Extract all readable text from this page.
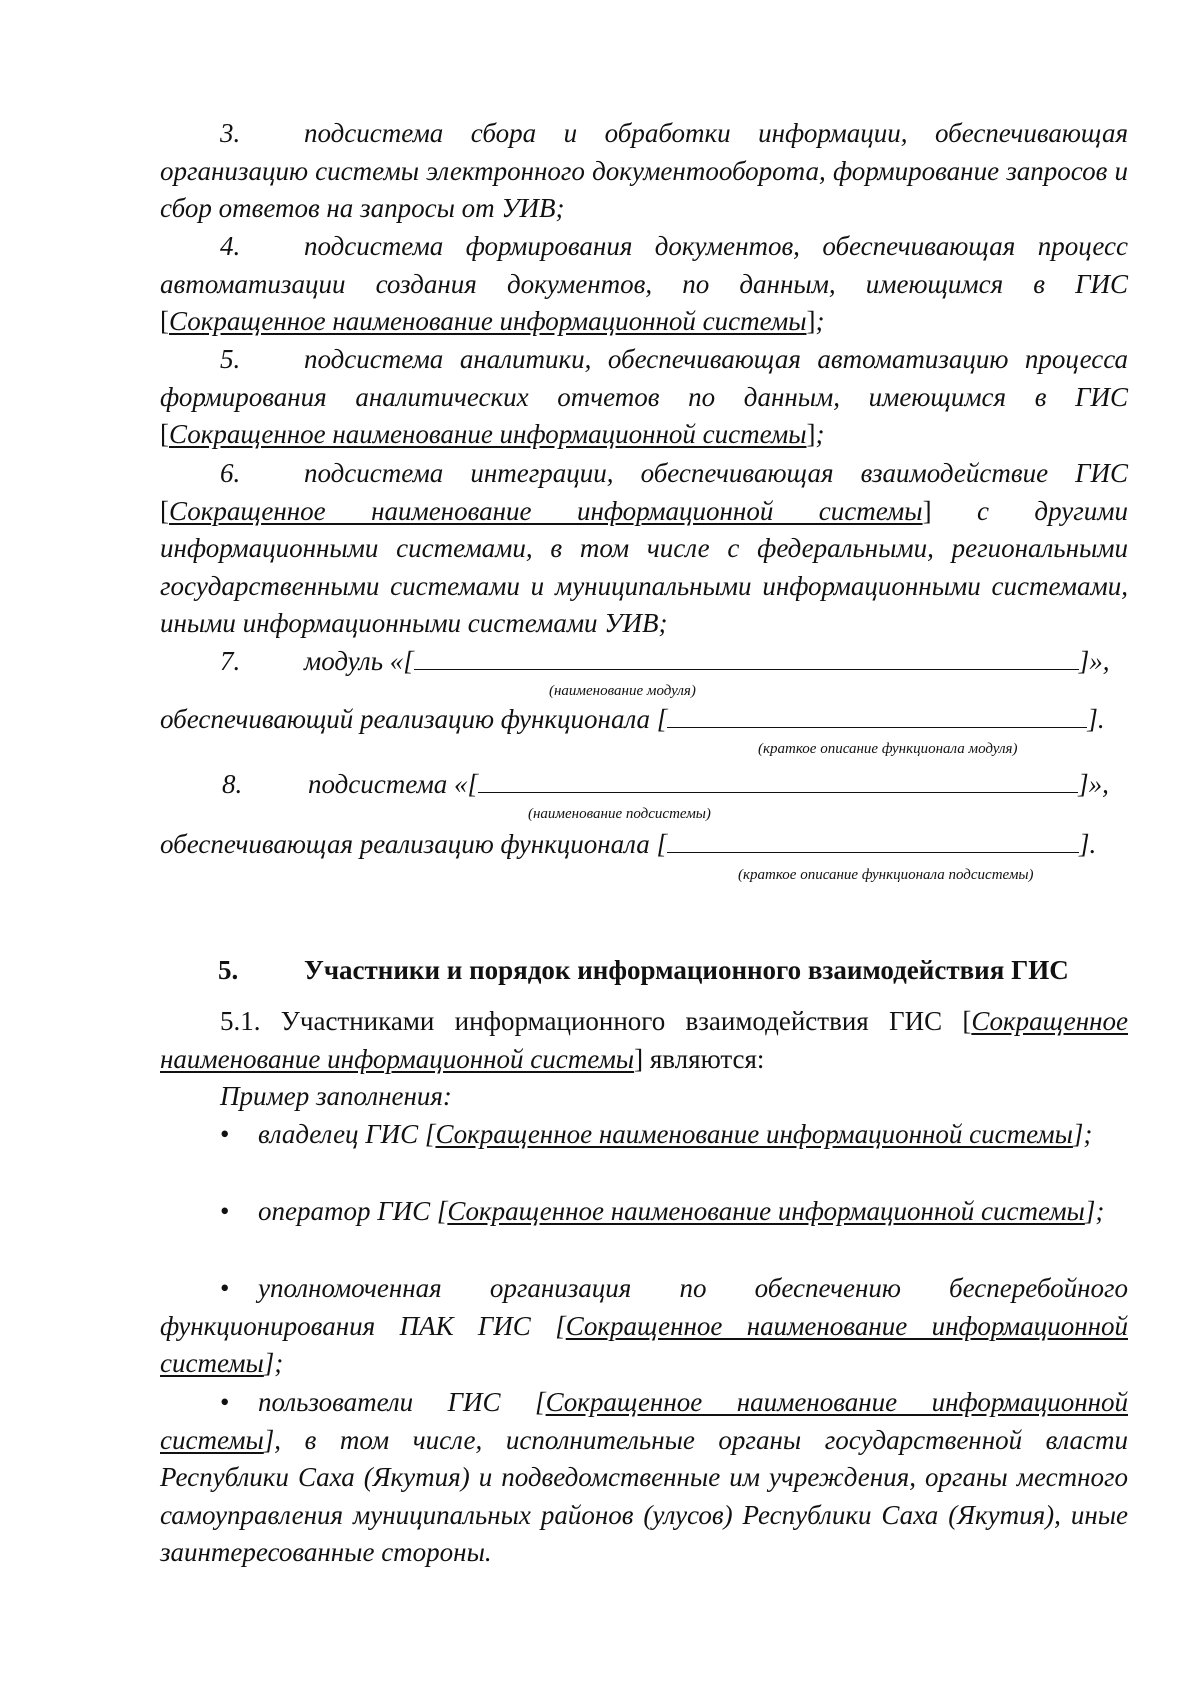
3. подсистема сбора и обработки информации, обеспечивающая организацию системы электронного документооборота, формирование запросов и сбор ответов на запросы от УИВ;
4. подсистема формирования документов, обеспечивающая процесс автоматизации создания документов, по данным, имеющимся в ГИС [Сокращенное наименование информационной системы];
5. подсистема аналитики, обеспечивающая автоматизацию процесса формирования аналитических отчетов по данным, имеющимся в ГИС [Сокращенное наименование информационной системы];
6. подсистема интеграции, обеспечивающая взаимодействие ГИС [Сокращенное наименование информационной системы] с другими информационными системами, в том числе с федеральными, региональными государственными системами и муниципальными информационными системами, иными информационными системами УИВ;
7. модуль «[	]»,
(наименование модуля)
обеспечивающий реализацию функционала [	].
(краткое описание функционала модуля)
8. подсистема «[	]»,
(наименование подсистемы)
обеспечивающая реализацию функционала [	].
(краткое описание функционала подсистемы)
5. Участники и порядок информационного взаимодействия ГИС
5.1. Участниками информационного взаимодействия ГИС [Сокращенное наименование информационной системы] являются:
Пример заполнения:
• владелец ГИС [Сокращенное наименование информационной системы];
• оператор ГИС [Сокращенное наименование информационной системы];
• уполномоченная организация по обеспечению бесперебойного функционирования ПАК ГИС [Сокращенное наименование информационной системы];
• пользователи ГИС [Сокращенное наименование информационной системы], в том числе, исполнительные органы государственной власти Республики Саха (Якутия) и подведомственные им учреждения, органы местного самоуправления муниципальных районов (улусов) Республики Саха (Якутия), иные заинтересованные стороны.
